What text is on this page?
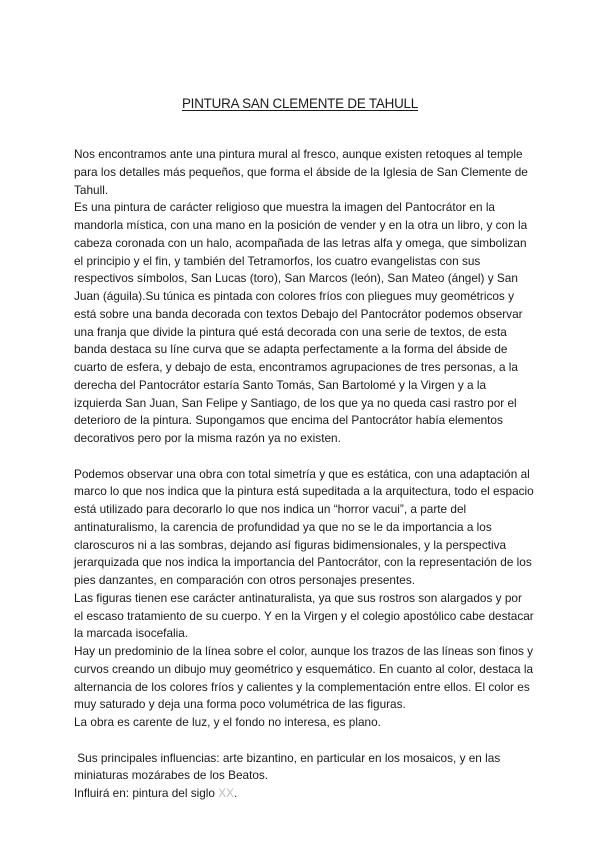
PINTURA SAN CLEMENTE DE TAHULL

Nos encontramos ante una pintura mural al fresco, aunque existen retoques al temple para los detalles más pequeños, que forma el ábside de la Iglesia de San Clemente de Tahull.

Es una pintura de carácter religioso que muestra la imagen del Pantocrátor en la mandorla mística, con una mano en la posición de vender y en la otra un libro, y con la cabeza coronada con un halo, acompañada de las letras alfa y omega, que simbolizan el principio y el fin, y también del Tetramorfos, los cuatro evangelistas con sus respectivos símbolos, San Lucas (toro), San Marcos (león), San Mateo (ángel) y San Juan (águila).Su túnica es pintada con colores fríos con pliegues muy geométricos y está sobre una banda decorada con textos Debajo del Pantocrátor podemos observar una franja que divide la pintura qué está decorada con una serie de textos, de esta banda destaca su líne curva que se adapta perfectamente a la forma del ábside de cuarto de esfera, y debajo de esta, encontramos agrupaciones de tres personas, a la derecha del Pantocrátor estaría Santo Tomás, San Bartolomé y la Virgen y a la izquierda San Juan, San Felipe y Santiago, de los que ya no queda casi rastro por el deterioro de la pintura. Supongamos que encima del Pantocrátor había elementos decorativos pero por la misma razón ya no existen.

Podemos observar una obra con total simetría y que es estática, con una adaptación al marco lo que nos indica que la pintura está supeditada a la arquitectura, todo el espacio está utilizado para decorarlo lo que nos indica un “horror vacui”, a parte del antinaturalismo, la carencia de profundidad ya que no se le da importancia a los claroscuros ni a las sombras, dejando así figuras bidimensionales, y la perspectiva jerarquizada que nos indica la importancia del Pantocrátor, con la representación de los pies danzantes, en comparación con otros personajes presentes.

Las figuras tienen ese carácter antinaturalista, ya que sus rostros son alargados y por el escaso tratamiento de su cuerpo. Y en la Virgen y el colegio apostólico cabe destacar la marcada isocefalia.

Hay un predominio de la línea sobre el color, aunque los trazos de las líneas son finos y curvos creando un dibujo muy geométrico y esquemático. En cuanto al color, destaca la alternancia de los colores fríos y calientes y la complementación entre ellos. El color es muy saturado y deja una forma poco volumétrica de las figuras.

La obra es carente de luz, y el fondo no interesa, es plano.

Sus principales influencias: arte bizantino, en particular en los mosaicos, y en las miniaturas mozárabes de los Beatos.

Influirá en: pintura del siglo XX.
